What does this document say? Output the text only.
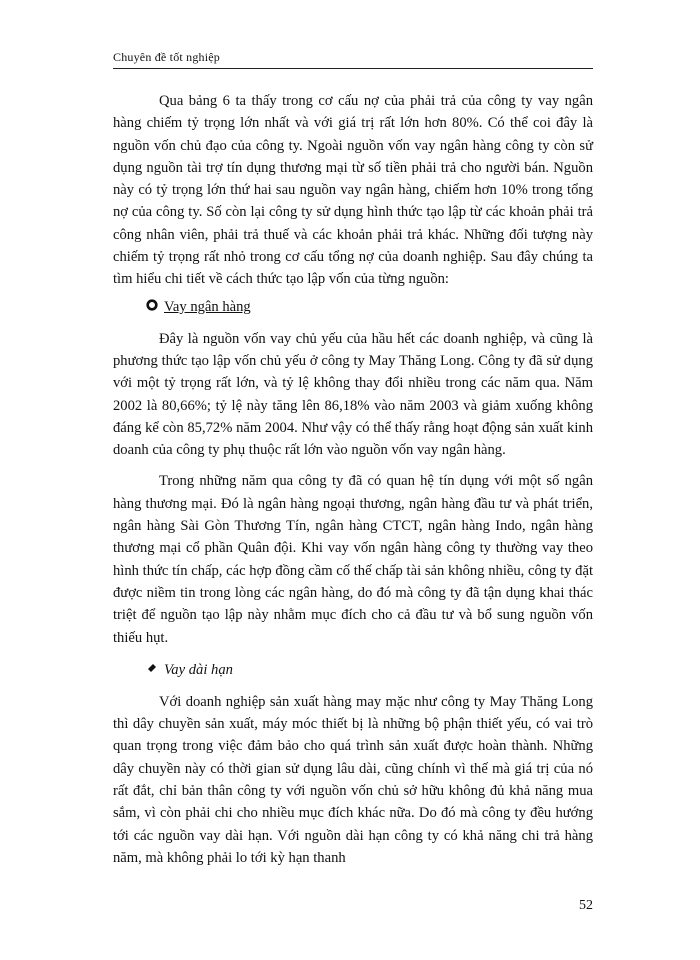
Chuyên đề tốt nghiệp

Qua bảng 6 ta thấy trong cơ cấu nợ của phải trả của công ty vay ngân hàng chiếm tỷ trọng lớn nhất và với giá trị rất lớn hơn 80%. Có thể coi đây là nguồn vốn chủ đạo của công ty. Ngoài nguồn vốn vay ngân hàng công ty còn sử dụng nguồn tài trợ tín dụng thương mại từ số tiền phải trả cho người bán. Nguồn này có tỷ trọng lớn thứ hai sau nguồn vay ngân hàng, chiếm hơn 10% trong tổng nợ của công ty. Số còn lại công ty sử dụng hình thức tạo lập từ các khoản phải trả công nhân viên, phải trả thuế và các khoản phải trả khác. Những đối tượng này chiếm tỷ trọng rất nhỏ trong cơ cấu tổng nợ của doanh nghiệp. Sau đây chúng ta tìm hiểu chi tiết về cách thức tạo lập vốn của từng nguồn:

Vay ngân hàng

Đây là nguồn vốn vay chủ yếu của hầu hết các doanh nghiệp, và cũng là phương thức tạo lập vốn chủ yếu ở công ty May Thăng Long. Công ty đã sử dụng với một tỷ trọng rất lớn, và tỷ lệ không thay đổi nhiều trong các năm qua. Năm 2002 là 80,66%; tỷ lệ này tăng lên 86,18% vào năm 2003 và giảm xuống không đáng kể còn 85,72% năm 2004. Như vậy có thể thấy rằng hoạt động sản xuất kinh doanh của công ty phụ thuộc rất lớn vào nguồn vốn vay ngân hàng.

Trong những năm qua công ty đã có quan hệ tín dụng với một số ngân hàng thương mại. Đó là ngân hàng ngoại thương, ngân hàng đầu tư và phát triển, ngân hàng Sài Gòn Thương Tín, ngân hàng CTCT, ngân hàng Indo, ngân hàng thương mại cổ phần Quân đội. Khi vay vốn ngân hàng công ty thường vay theo hình thức tín chấp, các hợp đồng cầm cố thế chấp tài sản không nhiều, công ty đặt được niềm tin trong lòng các ngân hàng, do đó mà công ty đã tận dụng khai thác triệt để nguồn tạo lập này nhằm mục đích cho cả đầu tư và bổ sung nguồn vốn thiếu hụt.

Vay dài hạn

Với doanh nghiệp sản xuất hàng may mặc như công ty May Thăng Long thì dây chuyền sản xuất, máy móc thiết bị là những bộ phận thiết yếu, có vai trò quan trọng trong việc đảm bảo cho quá trình sản xuất được hoàn thành. Những dây chuyền này có thời gian sử dụng lâu dài, cũng chính vì thế mà giá trị của nó rất đắt, chỉ bản thân công ty với nguồn vốn chủ sở hữu không đủ khả năng mua sắm, vì còn phải chi cho nhiều mục đích khác nữa. Do đó mà công ty đều hướng tới các nguồn vay dài hạn. Với nguồn dài hạn công ty có khả năng chi trả hàng năm, mà không phải lo tới kỳ hạn thanh

52
